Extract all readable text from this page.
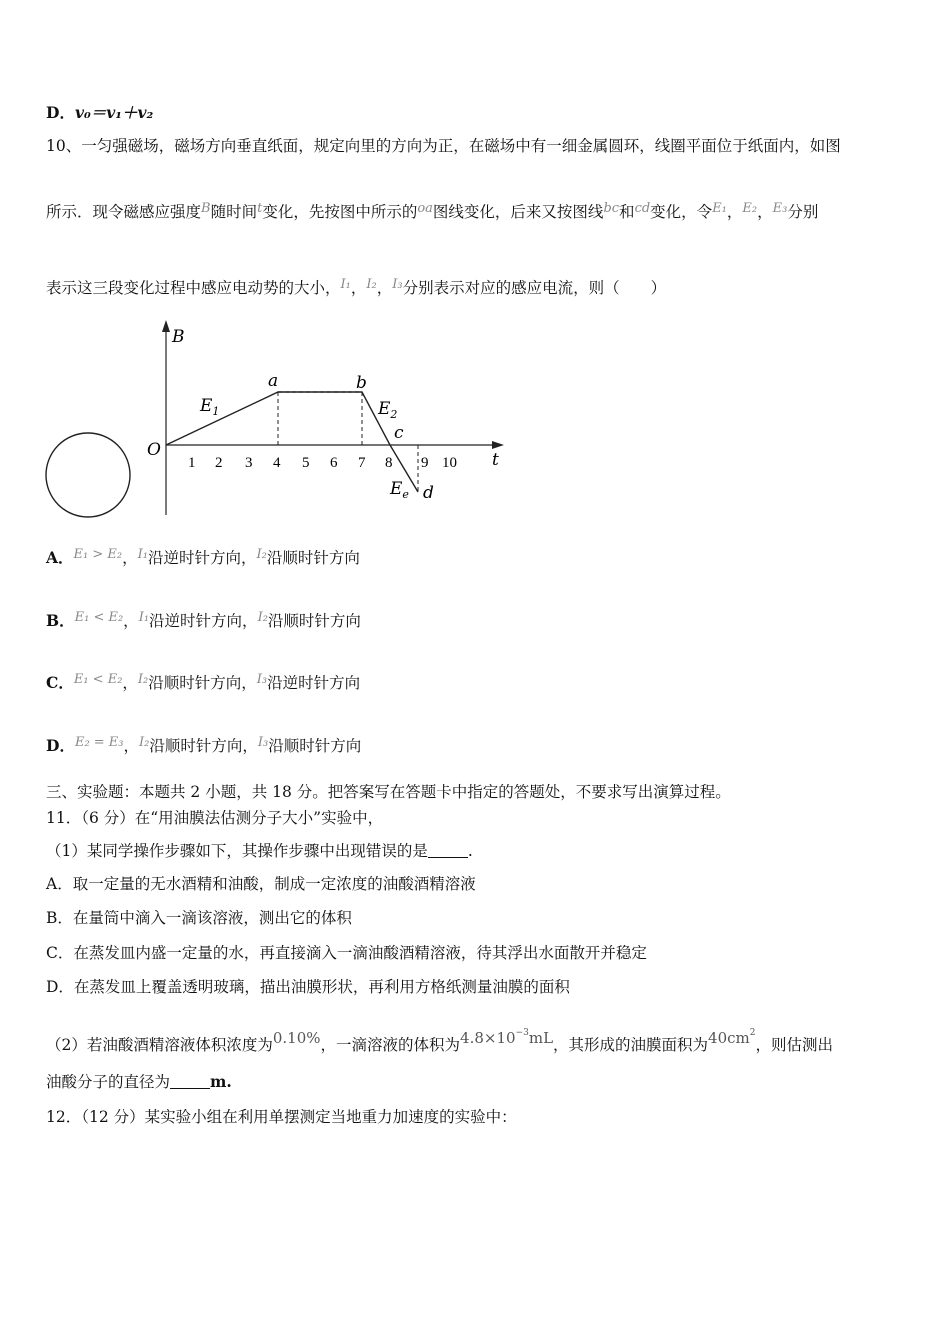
D．v₀＝v₁＋v₂
10、一匀强磁场，磁场方向垂直纸面，规定向里的方向为正，在磁场中有一细金属圆环，线圈平面位于纸面内，如图
所示．现令磁感应强度$^B$随时间$^t$变化，先按图中所示的$^{oa}$图线变化，后来又按图线$^{bc}$和$^{cd}$变化，令$^{E_1}$，$^{E_2}$，$^{E_3}$分别
表示这三段变化过程中感应电动势的大小，$^{I_1}$，$^{I_2}$，$^{I_3}$分别表示对应的感应电流，则（　　）
B
t
O
1 2 3 4 5 6 7 8 9 10
a	b
c
d
$E_1$	$E_2$
$E_e$
A．$^{E_1 > E_2}$，$^{I_1}$沿逆时针方向，$^{I_2}$沿顺时针方向
B．$^{E_1 < E_2}$，$^{I_1}$沿逆时针方向，$^{I_2}$沿顺时针方向
C．$^{E_1 < E_2}$，$^{I_2}$沿顺时针方向，$^{I_3}$沿逆时针方向
D．$^{E_2 = E_3}$，$^{I_2}$沿顺时针方向，$^{I_3}$沿顺时针方向
三、实验题：本题共 2 小题，共 18 分。把答案写在答题卡中指定的答题处，不要求写出演算过程。
11．（6 分）在“用油膜法估测分子大小”实验中，
（1）某同学操作步骤如下，其操作步骤中出现错误的是	.
A．取一定量的无水酒精和油酸，制成一定浓度的油酸酒精溶液
B．在量筒中滴入一滴该溶液，测出它的体积
C．在蒸发皿内盛一定量的水，再直接滴入一滴油酸酒精溶液，待其浮出水面散开并稳定
D．在蒸发皿上覆盖透明玻璃，描出油膜形状，再利用方格纸测量油膜的面积
（2）若油酸酒精溶液体积浓度为0.10%，一滴溶液的体积为$4.8\times 10^{-3}mL$，其形成的油膜面积为$40cm^2$，则估测出
油酸分子的直径为	m.
12．（12 分）某实验小组在利用单摆测定当地重力加速度的实验中：
